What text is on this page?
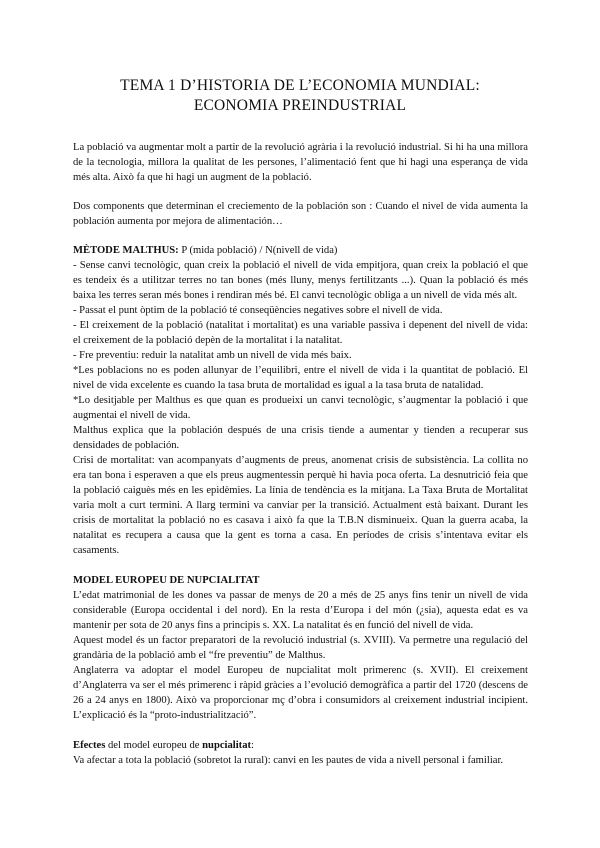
TEMA 1 D’HISTORIA DE L’ECONOMIA MUNDIAL:
ECONOMIA PREINDUSTRIAL

La població va augmentar molt a partir de la revolució agrària i la revolució industrial. Si hi ha una millora de la tecnologia, millora la qualitat de les persones, l’alimentació fent que hi hagi una esperança de vida més alta. Això fa que hi hagi un augment de la població.

Dos components que determinan el creciemento de la población son : Cuando el nivel de vida aumenta la población aumenta por mejora de alimentación…

MÈTODE MALTHUS: P (mida població) / N(nivell de vida)

- Sense canvi tecnològic, quan creix la població el nivell de vida empitjora, quan creix la població el que es tendeix és a utilitzar terres no tan bones (més lluny, menys fertilitzants ...). Quan la població és més baixa les terres seran més bones i rendiran més bé. El canvi tecnològic obliga a un nivell de vida més alt.

- Passat el punt òptim de la població té conseqüències negatives sobre el nivell de vida.

- El creixement de la població (natalitat i mortalitat) es una variable passiva i depenent del nivell de vida: el creixement de la població depèn de la mortalitat i la natalitat.

- Fre preventiu: reduir la natalitat amb un nivell de vida més baix.

*Les poblacions no es poden allunyar de l’equilibri, entre el nivell de vida i la quantitat de població. El nivel de vida excelente es cuando la tasa bruta de mortalidad es igual a la tasa bruta de natalidad.

*Lo desitjable per Malthus es que quan es produeixi un canvi tecnològic, s’augmentar la població i que augmentai el nivell de vida.

Malthus explica que la población después de una crisis tiende a aumentar y tienden a recuperar sus densidades de población.

Crisi de mortalitat: van acompanyats d’augments de preus, anomenat crisis de subsistència. La collita no era tan bona i esperaven a que els preus augmentessin perquè hi havia poca oferta. La desnutrició feia que la població caiguès més en les epidèmies. La línia de tendència es la mitjana. La Taxa Bruta de Mortalitat varia molt a curt termini. A llarg termini va canviar per la transició. Actualment està baixant. Durant les crisis de mortalitat la població no es casava i això fa que la T.B.N disminueix. Quan la guerra acaba, la natalitat es recupera a causa que la gent es torna a casa. En períodes de crisis s’intentava evitar els casaments.

MODEL EUROPEU DE NUPCIALITAT

L’edat matrimonial de les dones va passar de menys de 20 a més de 25 anys fins tenir un nivell de vida considerable (Europa occidental i del nord). En la resta d’Europa i del món (¿sia), aquesta edat es va mantenir per sota de 20 anys fins a principis s. XX. La natalitat és en funció del nivell de vida.

Aquest model és un factor preparatori de la revolució industrial (s. XVIII). Va permetre una regulació del grandària de la població amb el “fre preventiu” de Malthus.

Anglaterra va adoptar el model Europeu de nupcialitat molt primerenc (s. XVII). El creixement d’Anglaterra va ser el més primerenc i ràpid gràcies a l’evolució demogràfica a partir del 1720 (descens de 26 a 24 anys en 1800). Això va proporcionar mç d’obra i consumidors al creixement industrial incipient. L’explicació és la “proto-industrialització”.

Efectes del model europeu de nupcialitat:

Va afectar a tota la població (sobretot la rural): canvi en les pautes de vida a nivell personal i familiar.
